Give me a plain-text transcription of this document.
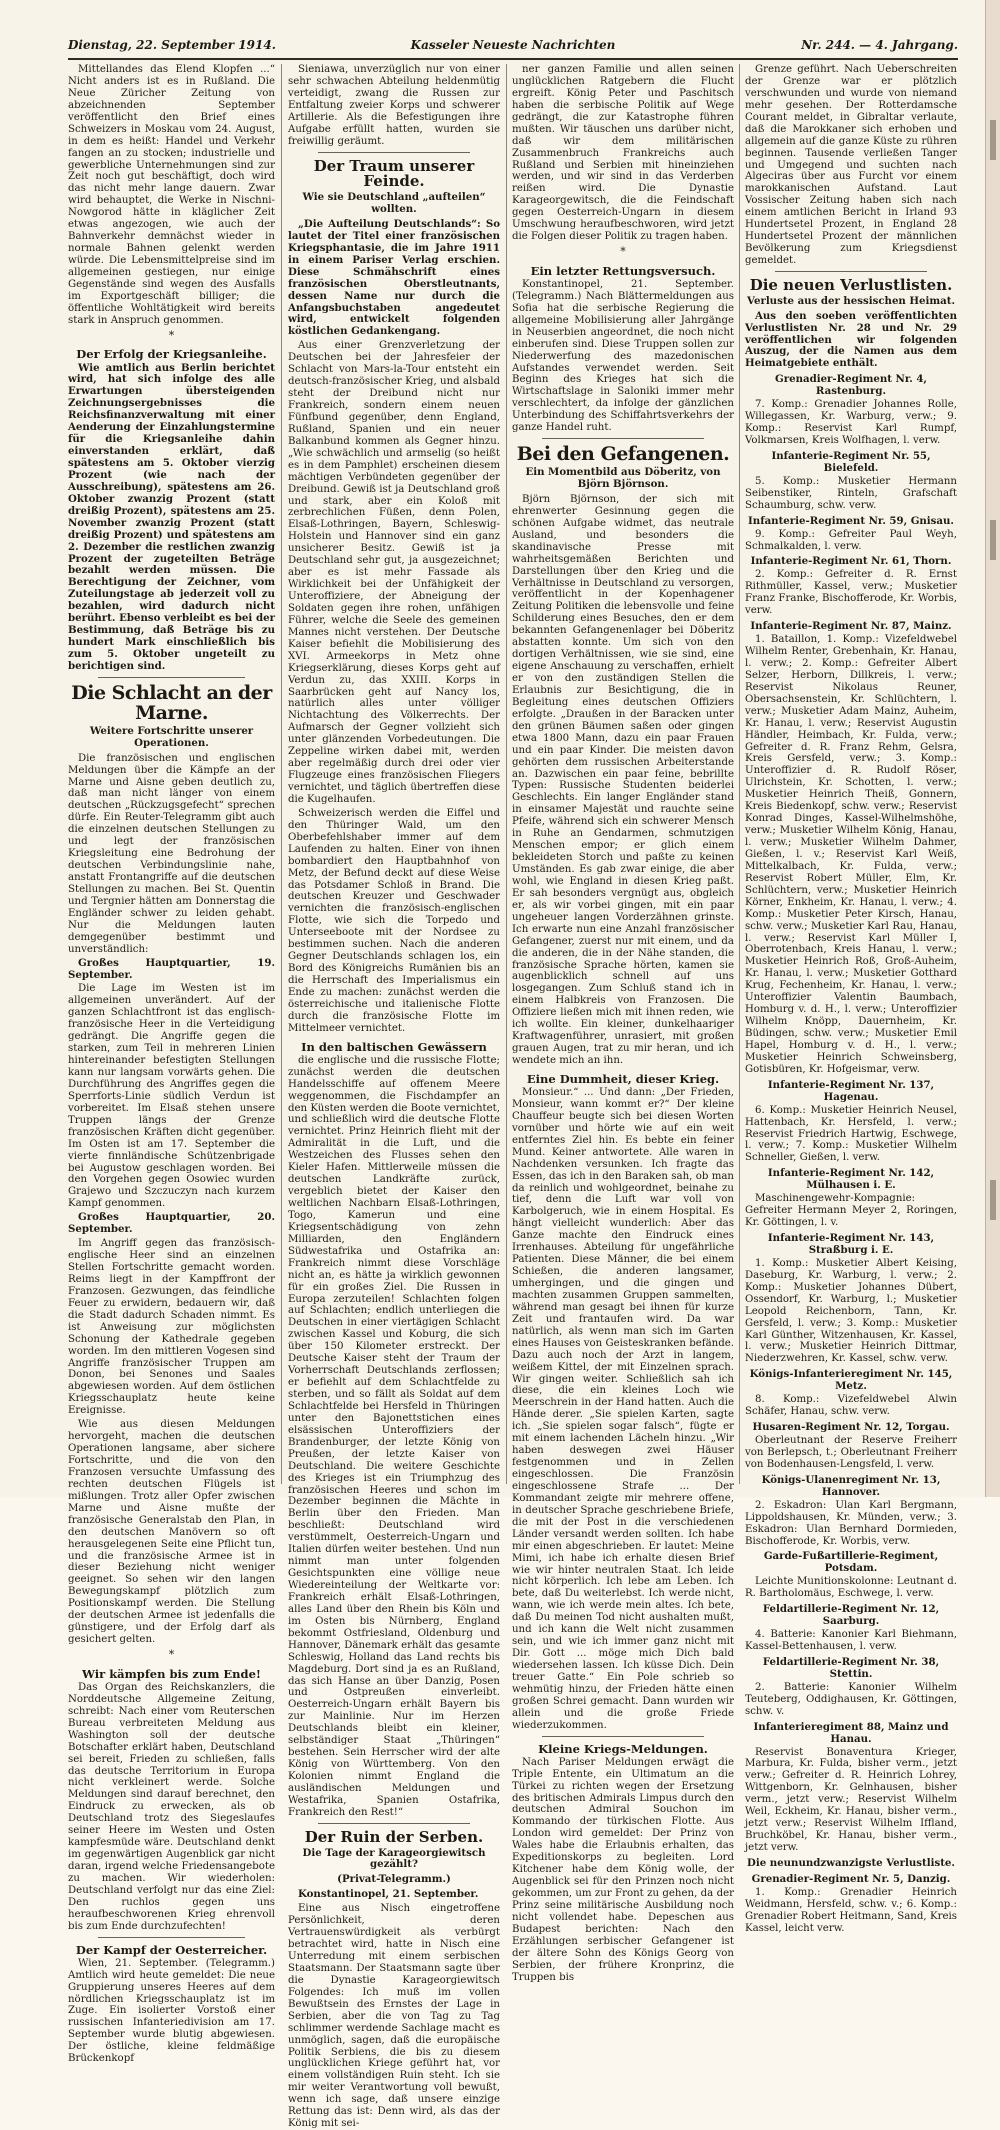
Dienstag, 22. September 1914.	Kasseler Neueste Nachrichten	Nr. 244. — 4. Jahrgang.

Mittellandes das Elend Klopfen ...“ Nicht anders ist es in Rußland. Die Neue Züricher Zeitung von abzeichnenden September veröffentlicht den Brief eines Schweizers in Moskau vom 24. August, in dem es heißt: Handel und Verkehr fangen an zu stocken; industrielle und gewerbliche Unternehmungen sind zur Zeit noch gut beschäftigt, doch wird das nicht mehr lange dauern. Zwar wird behauptet, die Werke in Nischni-Nowgorod hätte in kläglicher Zeit etwas angezogen, wie auch der Bahnverkehr demnächst wieder in normale Bahnen gelenkt werden würde. Die Lebensmittelpreise sind im allgemeinen gestiegen, nur einige Gegenstände sind wegen des Ausfalls im Exportgeschäft billiger; die öffentliche Wohltätigkeit wird bereits stark in Anspruch genommen.

*
Der Erfolg der Kriegsanleihe.

Wie amtlich aus Berlin berichtet wird, hat sich infolge des alle Erwartungen übersteigenden Zeichnungsergebnisses die Reichsfinanzverwaltung mit einer Aenderung der Einzahlungstermine für die Kriegsanleihe dahin einverstanden erklärt, daß spätestens am 5. Oktober vierzig Prozent (wie nach der Ausschreibung), spätestens am 26. Oktober zwanzig Prozent (statt dreißig Prozent), spätestens am 25. November zwanzig Prozent (statt dreißig Prozent) und spätestens am 2. Dezember die restlichen zwanzig Prozent der zugeteilten Beträge bezahlt werden müssen. Die Berechtigung der Zeichner, vom Zuteilungstage ab jederzeit voll zu bezahlen, wird dadurch nicht berührt. Ebenso verbleibt es bei der Bestimmung, daß Beträge bis zu hundert Mark einschließlich bis zum 5. Oktober ungeteilt zu berichtigen sind.

Die Schlacht an der Marne.
Weitere Fortschritte unserer Operationen.

Die französischen und englischen Meldungen über die Kämpfe an der Marne und Aisne geben deutlich zu, daß man nicht länger von einem deutschen „Rückzugsgefecht“ sprechen dürfe. Ein Reuter-Telegramm gibt auch die einzelnen deutschen Stellungen zu und legt der französischen Kriegsleitung eine Bedrohung der deutschen Verbindungslinie nahe, anstatt Frontangriffe auf die deutschen Stellungen zu machen. Bei St. Quentin und Tergnier hätten am Donnerstag die Engländer schwer zu leiden gehabt. Nur die Meldungen lauten demgegenüber bestimmt und unverständlich:

Großes Hauptquartier, 19. September.

Die Lage im Westen ist im allgemeinen unverändert. Auf der ganzen Schlachtfront ist das englisch-französische Heer in die Verteidigung gedrängt. Die Angriffe gegen die starken, zum Teil in mehreren Linien hintereinander befestigten Stellungen kann nur langsam vorwärts gehen. Die Durchführung des Angriffes gegen die Sperrforts-Linie südlich Verdun ist vorbereitet. Im Elsaß stehen unsere Truppen längs der Grenze französischen Kräften dicht gegenüber. Im Osten ist am 17. September die vierte finnländische Schützenbrigade bei Augustow geschlagen worden. Bei den Vorgehen gegen Osowiec wurden Grajewo und Szczuczyn nach kurzem Kampf genommen.

Großes Hauptquartier, 20. September.

Im Angriff gegen das französisch-englische Heer sind an einzelnen Stellen Fortschritte gemacht worden. Reims liegt in der Kampffront der Franzosen. Gezwungen, das feindliche Feuer zu erwidern, bedauern wir, daß die Stadt dadurch Schaden nimmt. Es ist Anweisung zur möglichsten Schonung der Kathedrale gegeben worden. Im den mittleren Vogesen sind Angriffe französischer Truppen am Donon, bei Senones und Saales abgewiesen worden. Auf dem östlichen Kriegsschauplatz heute keine Ereignisse.

Wie aus diesen Meldungen hervorgeht, machen die deutschen Operationen langsame, aber sichere Fortschritte, und die von den Franzosen versuchte Umfassung des rechten deutschen Flügels ist mißlungen. Trotz aller Opfer zwischen Marne und Aisne mußte der französische Generalstab den Plan, in den deutschen Manövern so oft herausgelegenen Seite eine Pflicht tun, und die französische Armee ist in dieser Beziehung nicht weniger geeignet. So sehen wir den langen Bewegungskampf plötzlich zum Positionskampf werden. Die Stellung der deutschen Armee ist jedenfalls die günstigere, und der Erfolg darf als gesichert gelten.

*
Wir kämpfen bis zum Ende!

Das Organ des Reichskanzlers, die Norddeutsche Allgemeine Zeitung, schreibt: Nach einer vom Reuterschen Bureau verbreiteten Meldung aus Washington soll der deutsche Botschafter erklärt haben, Deutschland sei bereit, Frieden zu schließen, falls das deutsche Territorium in Europa nicht verkleinert werde. Solche Meldungen sind darauf berechnet, den Eindruck zu erwecken, als ob Deutschland trotz des Siegeslaufes seiner Heere im Westen und Osten kampfesmüde wäre. Deutschland denkt im gegenwärtigen Augenblick gar nicht daran, irgend welche Friedensangebote zu machen. Wir wiederholen: Deutschland verfolgt nur das eine Ziel: Den ruchlos gegen uns heraufbeschworenen Krieg ehrenvoll bis zum Ende durchzufechten!

Der Kampf der Oesterreicher.

Wien, 21. September. (Telegramm.) Amtlich wird heute gemeldet: Die neue Gruppierung unseres Heeres auf dem nördlichen Kriegsschauplatz ist im Zuge. Ein isolierter Vorstoß einer russischen Infanteriedivision am 17. September wurde blutig abgewiesen. Der östliche, kleine feldmäßige Brückenkopf

Sieniawa, unverzüglich nur von einer sehr schwachen Abteilung heldenmütig verteidigt, zwang die Russen zur Entfaltung zweier Korps und schwerer Artillerie. Als die Befestigungen ihre Aufgabe erfüllt hatten, wurden sie freiwillig geräumt.

Der Traum unserer Feinde.
Wie sie Deutschland „aufteilen“ wollten.

„Die Aufteilung Deutschlands“: So lautet der Titel einer französischen Kriegsphantasie, die im Jahre 1911 in einem Pariser Verlag erschien. Diese Schmähschrift eines französischen Oberstleutnants, dessen Name nur durch die Anfangsbuchstaben angedeutet wird, entwickelt folgenden köstlichen Gedankengang.

Aus einer Grenzverletzung der Deutschen bei der Jahresfeier der Schlacht von Mars-la-Tour entsteht ein deutsch-französischer Krieg, und alsbald steht der Dreibund nicht nur Frankreich, sondern einem neuen Fünfbund gegenüber, denn England, Rußland, Spanien und ein neuer Balkanbund kommen als Gegner hinzu. „Wie schwächlich und armselig (so heißt es in dem Pamphlet) erscheinen diesem mächtigen Verbündeten gegenüber der Dreibund. Gewiß ist ja Deutschland groß und stark, aber ein Koloß mit zerbrechlichen Füßen, denn Polen, Elsaß-Lothringen, Bayern, Schleswig-Holstein und Hannover sind ein ganz unsicherer Besitz. Gewiß ist ja Deutschland sehr gut, ja ausgezeichnet; aber es ist mehr Fassade als Wirklichkeit bei der Unfähigkeit der Unteroffiziere, der Abneigung der Soldaten gegen ihre rohen, unfähigen Führer, welche die Seele des gemeinen Mannes nicht verstehen. Der Deutsche Kaiser befiehlt die Mobilisierung des XVI. Armeekorps in Metz ohne Kriegserklärung, dieses Korps geht auf Verdun zu, das XXIII. Korps in Saarbrücken geht auf Nancy los, natürlich alles unter völliger Nichtachtung des Völkerrechts. Der Aufmarsch der Gegner vollzieht sich unter glänzenden Vorbedeutungen. Die Zeppeline wirken dabei mit, werden aber regelmäßig durch drei oder vier Flugzeuge eines französischen Fliegers vernichtet, und täglich übertreffen diese die Kugelhaufen.

Schweizerisch werden die Eiffel und den Thüringer Wald, um den Oberbefehlshaber immer auf dem Laufenden zu halten. Einer von ihnen bombardiert den Hauptbahnhof von Metz, der Befund deckt auf diese Weise das Potsdamer Schloß in Brand. Die deutschen Kreuzer und Geschwader vernichten die französisch-englischen Flotte, wie sich die Torpedo und Unterseeboote mit der Nordsee zu bestimmen suchen. Nach die anderen Gegner Deutschlands schlagen los, ein Bord des Königreichs Rumänien bis an die Herrschaft des Imperialismus ein Ende zu machen: zunächst werden die österreichische und italienische Flotte durch die französische Flotte im Mittelmeer vernichtet.

In den baltischen Gewässern

die englische und die russische Flotte; zunächst werden die deutschen Handelsschiffe auf offenem Meere weggenommen, die Fischdampfer an den Küsten werden die Boote vernichtet, und schließlich wird die deutsche Flotte vernichtet. Prinz Heinrich flieht mit der Admiralität in die Luft, und die Westzeichen des Flusses sehen den Kieler Hafen. Mittlerweile müssen die deutschen Landkräfte zurück, vergeblich bietet der Kaiser den weltlichen Nachbarn Elsaß-Lothringen, Togo, Kamerun und eine Kriegsentschädigung von zehn Milliarden, den Engländern Südwestafrika und Ostafrika an: Frankreich nimmt diese Vorschläge nicht an, es hätte ja wirklich gewonnen für ein großes Ziel. Die Russen in Europa zerzuteilen! Schlachten folgen auf Schlachten; endlich unterliegen die Deutschen in einer viertägigen Schlacht zwischen Kassel und Koburg, die sich über 150 Kilometer erstreckt. Der Deutsche Kaiser steht der Traum der Vorherrschaft Deutschlands zerflossen; er befiehlt auf dem Schlachtfelde zu sterben, und so fällt als Soldat auf dem Schlachtfelde bei Hersfeld in Thüringen unter den Bajonettstichen eines elsässischen Unteroffiziers der Brandenburger, der letzte König von Preußen, der letzte Kaiser von Deutschland. Die weitere Geschichte des Krieges ist ein Triumphzug des französischen Heeres und schon im Dezember beginnen die Mächte in Berlin über den Frieden. Man beschließt: Deutschland wird verstümmelt, Oesterreich-Ungarn und Italien dürfen weiter bestehen. Und nun nimmt man unter folgenden Gesichtspunkten eine völlige neue Wiedereinteilung der Weltkarte vor: Frankreich erhält Elsaß-Lothringen, alles Land über den Rhein bis Köln und im Osten bis Nürnberg, England bekommt Ostfriesland, Oldenburg und Hannover, Dänemark erhält das gesamte Schleswig, Holland das Land rechts bis Magdeburg. Dort sind ja es an Rußland, das sich Hanse an über Danzig, Posen und Ostpreußen einverleibt. Oesterreich-Ungarn erhält Bayern bis zur Mainlinie. Nur im Herzen Deutschlands bleibt ein kleiner, selbständiger Staat „Thüringen“ bestehen. Sein Herrscher wird der alte König von Württemberg. Von den Kolonien nimmt England die ausländischen Meldungen und Westafrika, Spanien Ostafrika, Frankreich den Rest!“

Der Ruin der Serben.
Die Tage der Karageorgiewitsch gezählt?
(Privat-Telegramm.)

Konstantinopel, 21. September.

Eine aus Nisch eingetroffene Persönlichkeit, deren Vertrauenswürdigkeit als verbürgt betrachtet wird, hatte in Nisch eine Unterredung mit einem serbischen Staatsmann. Der Staatsmann sagte über die Dynastie Karageorgiewitsch Folgendes: Ich muß im vollen Bewußtsein des Ernstes der Lage in Serbien, aber die von Tag zu Tag schlimmer werdende Sachlage macht es unmöglich, sagen, daß die europäische Politik Serbiens, die bis zu diesem unglücklichen Kriege geführt hat, vor einem vollständigen Ruin steht. Ich sie mir weiter Verantwortung voll bewußt, wenn ich sage, daß unsere einzige Rettung das ist: Denn wird, als das der König mit sei-

ner ganzen Familie und allen seinen unglücklichen Ratgebern die Flucht ergreift. König Peter und Paschitsch haben die serbische Politik auf Wege gedrängt, die zur Katastrophe führen mußten. Wir täuschen uns darüber nicht, daß wir dem militärischen Zusammenbruch Frankreichs auch Rußland und Serbien mit hineinziehen werden, und wir sind in das Verderben reißen wird. Die Dynastie Karageorgewitsch, die die Feindschaft gegen Oesterreich-Ungarn in diesem Umschwung heraufbeschworen, wird jetzt die Folgen dieser Politik zu tragen haben.

*
Ein letzter Rettungsversuch.

Konstantinopel, 21. September. (Telegramm.) Nach Blättermeldungen aus Sofia hat die serbische Regierung die allgemeine Mobilisierung aller Jahrgänge in Neuserbien angeordnet, die noch nicht einberufen sind. Diese Truppen sollen zur Niederwerfung des mazedonischen Aufstandes verwendet werden. Seit Beginn des Krieges hat sich die Wirtschaftslage in Saloniki immer mehr verschlechtert, da infolge der gänzlichen Unterbindung des Schiffahrtsverkehrs der ganze Handel ruht.

Bei den Gefangenen.
Ein Momentbild aus Döberitz, von Björn Björnson.

Björn Björnson, der sich mit ehrenwerter Gesinnung gegen die schönen Aufgabe widmet, das neutrale Ausland, und besonders die skandinavische Presse mit wahrheitsgemäßen Berichten und Darstellungen über den Krieg und die Verhältnisse in Deutschland zu versorgen, veröffentlicht in der Kopenhagener Zeitung Politiken die lebensvolle und feine Schilderung eines Besuches, den er dem bekannten Gefangenenlager bei Döberitz abstatten konnte. Um sich von den dortigen Verhältnissen, wie sie sind, eine eigene Anschauung zu verschaffen, erhielt er von den zuständigen Stellen die Erlaubnis zur Besichtigung, die in Begleitung eines deutschen Offiziers erfolgte. „Draußen in der Baracken unter den grünen Bäumen saßen oder gingen etwa 1800 Mann, dazu ein paar Frauen und ein paar Kinder. Die meisten davon gehörten dem russischen Arbeiterstande an. Dazwischen ein paar feine, bebrillte Typen: Russische Studenten beiderlei Geschlechts. Ein langer Engländer stand in einsamer Majestät und rauchte seine Pfeife, während sich ein schwerer Mensch in Ruhe an Gendarmen, schmutzigen Menschen empor; er glich einem bekleideten Storch und paßte zu keinen Umständen. Es gab zwar einige, die aber wohl, wie England in diesen Krieg paßt. Er sah besonders vergnügt aus, obgleich er, als wir vorbei gingen, mit ein paar ungeheuer langen Vorderzähnen grinste. Ich erwarte nun eine Anzahl französischer Gefangener, zuerst nur mit einem, und da die anderen, die in der Nähe standen, die französische Sprache hörten, kamen sie augenblicklich schnell auf uns losgegangen. Zum Schluß stand ich in einem Halbkreis von Franzosen. Die Offiziere ließen mich mit ihnen reden, wie ich wollte. Ein kleiner, dunkelhaariger Kraftwagenführer, unrasiert, mit großen grauen Augen, trat zu mir heran, und ich wendete mich an ihn.

Eine Dummheit, dieser Krieg.

Monsieur.“ ... Und dann: „Der Frieden, Monsieur, wann kommt er?“ Der kleine Chauffeur beugte sich bei diesen Worten vornüber und hörte wie auf ein weit entferntes Ziel hin. Es bebte ein feiner Mund. Keiner antwortete. Alle waren in Nachdenken versunken. Ich fragte das Essen, das ich in den Baraken sah, ob man da reinlich und wohlgeordnet, beinahe zu tief, denn die Luft war voll von Karbolgeruch, wie in einem Hospital. Es hängt vielleicht wunderlich: Aber das Ganze machte den Eindruck eines Irrenhauses. Abteilung für ungefährliche Patienten. Diese Männer, die bei einem Schießen, die anderen langsamer, umhergingen, und die gingen und machten zusammen Gruppen sammelten, während man gesagt bei ihnen für kurze Zeit und frantaufen wird. Da war natürlich, als wenn man sich im Garten eines Hauses von Geisteskranken befände. Dazu auch noch der Arzt in langem, weißem Kittel, der mit Einzelnen sprach. Wir gingen weiter. Schließlich sah ich diese, die ein kleines Loch wie Meerschrein in der Hand hatten. Auch die Hände derer. „Sie spielen Karten, sagte ich. „Sie spielen sogar falsch“, fügte er mit einem lachenden Lächeln hinzu. „Wir haben deswegen zwei Häuser festgenommen und in Zellen eingeschlossen. Die Französin eingeschlossene Strafe ... Der Kommandant zeigte mir mehrere offene, in deutscher Sprache geschriebene Briefe, die mit der Post in die verschiedenen Länder versandt werden sollten. Ich habe mir einen abgeschrieben. Er lautet: Meine Mimi, ich habe ich erhalte diesen Brief wie wir hinter neutralen Staat. Ich leide nicht körperlich. Ich lebe am Leben. Ich bete, daß Du weiterlebst. Ich werde nicht, wann, wie ich werde mein altes. Ich bete, daß Du meinen Tod nicht aushalten mußt, und ich kann die Welt nicht zusammen sein, und wie ich immer ganz nicht mit Dir. Gott ... möge mich Dich bald wiedersehen lassen. Ich küsse Dich. Dein treuer Gatte.“ Ein Pole schrieb so wehmütig hinzu, der Frieden hätte einen großen Schrei gemacht. Dann wurden wir allein und die große Friede wiederzukommen.

Kleine Kriegs-Meldungen.

Nach Pariser Meldungen erwägt die Triple Entente, ein Ultimatum an die Türkei zu richten wegen der Ersetzung des britischen Admirals Limpus durch den deutschen Admiral Souchon im Kommando der türkischen Flotte. Aus London wird gemeldet: Der Prinz von Wales habe die Erlaubnis erhalten, das Expeditionskorps zu begleiten. Lord Kitchener habe dem König wolle, der Augenblick sei für den Prinzen noch nicht gekommen, um zur Front zu gehen, da der Prinz seine militärische Ausbildung noch nicht vollendet habe. Depeschen aus Budapest berichten: Nach den Erzählungen serbischer Gefangener ist der ältere Sohn des Königs Georg von Serbien, der frühere Kronprinz, die Truppen bis

Grenze geführt. Nach Ueberschreiten der Grenze war er plötzlich verschwunden und wurde von niemand mehr gesehen. Der Rotterdamsche Courant meldet, in Gibraltar verlaute, daß die Marokkaner sich erhoben und allgemein auf die ganze Küste zu rühren beginnen. Tausende verließen Tanger und Umgegend und suchten nach Algeciras über aus Furcht vor einem marokkanischen Aufstand. Laut Vossischer Zeitung haben sich nach einem amtlichen Bericht in Irland 93 Hundertsetel Prozent, in England 28 Hundertsetel Prozent der männlichen Bevölkerung zum Kriegsdienst gemeldet.

Die neuen Verlustlisten.
Verluste aus der hessischen Heimat.

Aus den soeben veröffentlichten Verlustlisten Nr. 28 und Nr. 29 veröffentlichen wir folgenden Auszug, der die Namen aus dem Heimatgebiete enthält.

Grenadier-Regiment Nr. 4, Rastenburg.

7. Komp.: Grenadier Johannes Rolle, Willegassen, Kr. Warburg, verw.; 9. Komp.: Reservist Karl Rumpf, Volkmarsen, Kreis Wolfhagen, l. verw.

Infanterie-Regiment Nr. 55, Bielefeld.

5. Komp.: Musketier Hermann Seibenstiker, Rinteln, Grafschaft Schaumburg, schw. verw.

Infanterie-Regiment Nr. 59, Gnisau.

9. Komp.: Gefreiter Paul Weyh, Schmalkalden, l. verw.

Infanterie-Regiment Nr. 61, Thorn.

2. Komp.: Gefreiter d. R. Ernst Rithmüller, Kassel, verw.; Musketier Franz Franke, Bischofferode, Kr. Worbis, verw.

Infanterie-Regiment Nr. 87, Mainz.

1. Bataillon, 1. Komp.: Vizefeldwebel Wilhelm Renter, Grebenhain, Kr. Hanau, l. verw.; 2. Komp.: Gefreiter Albert Selzer, Herborn, Dillkreis, l. verw.; Reservist Nikolaus Reuner, Obersachsenstein, Kr. Schlüchtern, l. verw.; Musketier Adam Mainz, Auheim, Kr. Hanau, l. verw.; Reservist Augustin Händler, Heimbach, Kr. Fulda, verw.; Gefreiter d. R. Franz Rehm, Gelsra, Kreis Gersfeld, verw.; 3. Komp.: Unteroffizier d. R. Rudolf Röser, Ulrichstein, Kr. Schotten, l. verw.; Musketier Heinrich Theiß, Gonnern, Kreis Biedenkopf, schw. verw.; Reservist Konrad Dinges, Kassel-Wilhelmshöhe, verw.; Musketier Wilhelm König, Hanau, l. verw.; Musketier Wilhelm Dahmer, Gießen, l. v.; Reservist Karl Weiß, Mittelkalbach, Kr. Fulda, verw.; Reservist Robert Müller, Elm, Kr. Schlüchtern, verw.; Musketier Heinrich Körner, Enkheim, Kr. Hanau, l. verw.; 4. Komp.: Musketier Peter Kirsch, Hanau, schw. verw.; Musketier Karl Rau, Hanau, l. verw.; Reservist Karl Müller I, Oberrotenbach, Kreis Hanau, l. verw.; Musketier Heinrich Roß, Groß-Auheim, Kr. Hanau, l. verw.; Musketier Gotthard Krug, Fechenheim, Kr. Hanau, l. verw.; Unteroffizier Valentin Baumbach, Homburg v. d. H., l. verw.; Unteroffizier Wilhelm Knöpp, Dauernheim, Kr. Büdingen, schw. verw.; Musketier Emil Hapel, Homburg v. d. H., l. verw.; Musketier Heinrich Schweinsberg, Gotisbüren, Kr. Hofgeismar, verw.

Infanterie-Regiment Nr. 137, Hagenau.

6. Komp.: Musketier Heinrich Neusel, Hattenbach, Kr. Hersfeld, l. verw.; Reservist Friedrich Hartwig, Eschwege, l. verw.; 7. Komp.: Musketier Wilhelm Schneller, Gießen, l. verw.

Infanterie-Regiment Nr. 142, Mülhausen i. E.

Maschinengewehr-Kompagnie: Gefreiter Hermann Meyer 2, Roringen, Kr. Göttingen, l. v.

Infanterie-Regiment Nr. 143, Straßburg i. E.

1. Komp.: Musketier Albert Keising, Daseburg, Kr. Warburg, l. verw.; 2. Komp.: Musketier Johannes Dübert, Ossendorf, Kr. Warburg, l.; Musketier Leopold Reichenborn, Tann, Kr. Gersfeld, l. verw.; 3. Komp.: Musketier Karl Günther, Witzenhausen, Kr. Kassel, l. verw.; Musketier Heinrich Dittmar, Niederzwehren, Kr. Kassel, schw. verw.

Königs-Infanterieregiment Nr. 145, Metz.

8. Komp.: Vizefeldwebel Alwin Schäfer, Hanau, schw. verw.

Husaren-Regiment Nr. 12, Torgau.

Oberleutnant der Reserve Freiherr von Berlepsch, t.; Oberleutnant Freiherr von Bodenhausen-Lengsfeld, l. verw.

Königs-Ulanenregiment Nr. 13, Hannover.

2. Eskadron: Ulan Karl Bergmann, Lippoldshausen, Kr. Münden, verw.; 3. Eskadron: Ulan Bernhard Dormieden, Bischofferode, Kr. Worbis, verw.

Garde-Fußartillerie-Regiment, Potsdam.

Leichte Munitionskolonne: Leutnant d. R. Bartholomäus, Eschwege, l. verw.

Feldartillerie-Regiment Nr. 12, Saarburg.

4. Batterie: Kanonier Karl Biehmann, Kassel-Bettenhausen, l. verw.

Feldartillerie-Regiment Nr. 38, Stettin.

2. Batterie: Kanonier Wilhelm Teuteberg, Oddighausen, Kr. Göttingen, schw. v.

Infanterieregiment 88, Mainz und Hanau.

Reservist Bonaventura Krieger, Marbura, Kr. Fulda, bisher verm., jetzt verw.; Gefreiter d. R. Heinrich Lohrey, Wittgenborn, Kr. Gelnhausen, bisher verm., jetzt verw.; Reservist Wilhelm Weil, Eckheim, Kr. Hanau, bisher verm., jetzt verw.; Reservist Wilhelm Iffland, Bruchköbel, Kr. Hanau, bisher verm., jetzt verw.

Die neunundzwanzigste Verlustliste.
Grenadier-Regiment Nr. 5, Danzig.

1. Komp.: Grenadier Heinrich Weidmann, Hersfeld, schw. v.; 6. Komp.: Grenadier Robert Heitmann, Sand, Kreis Kassel, leicht verw.
